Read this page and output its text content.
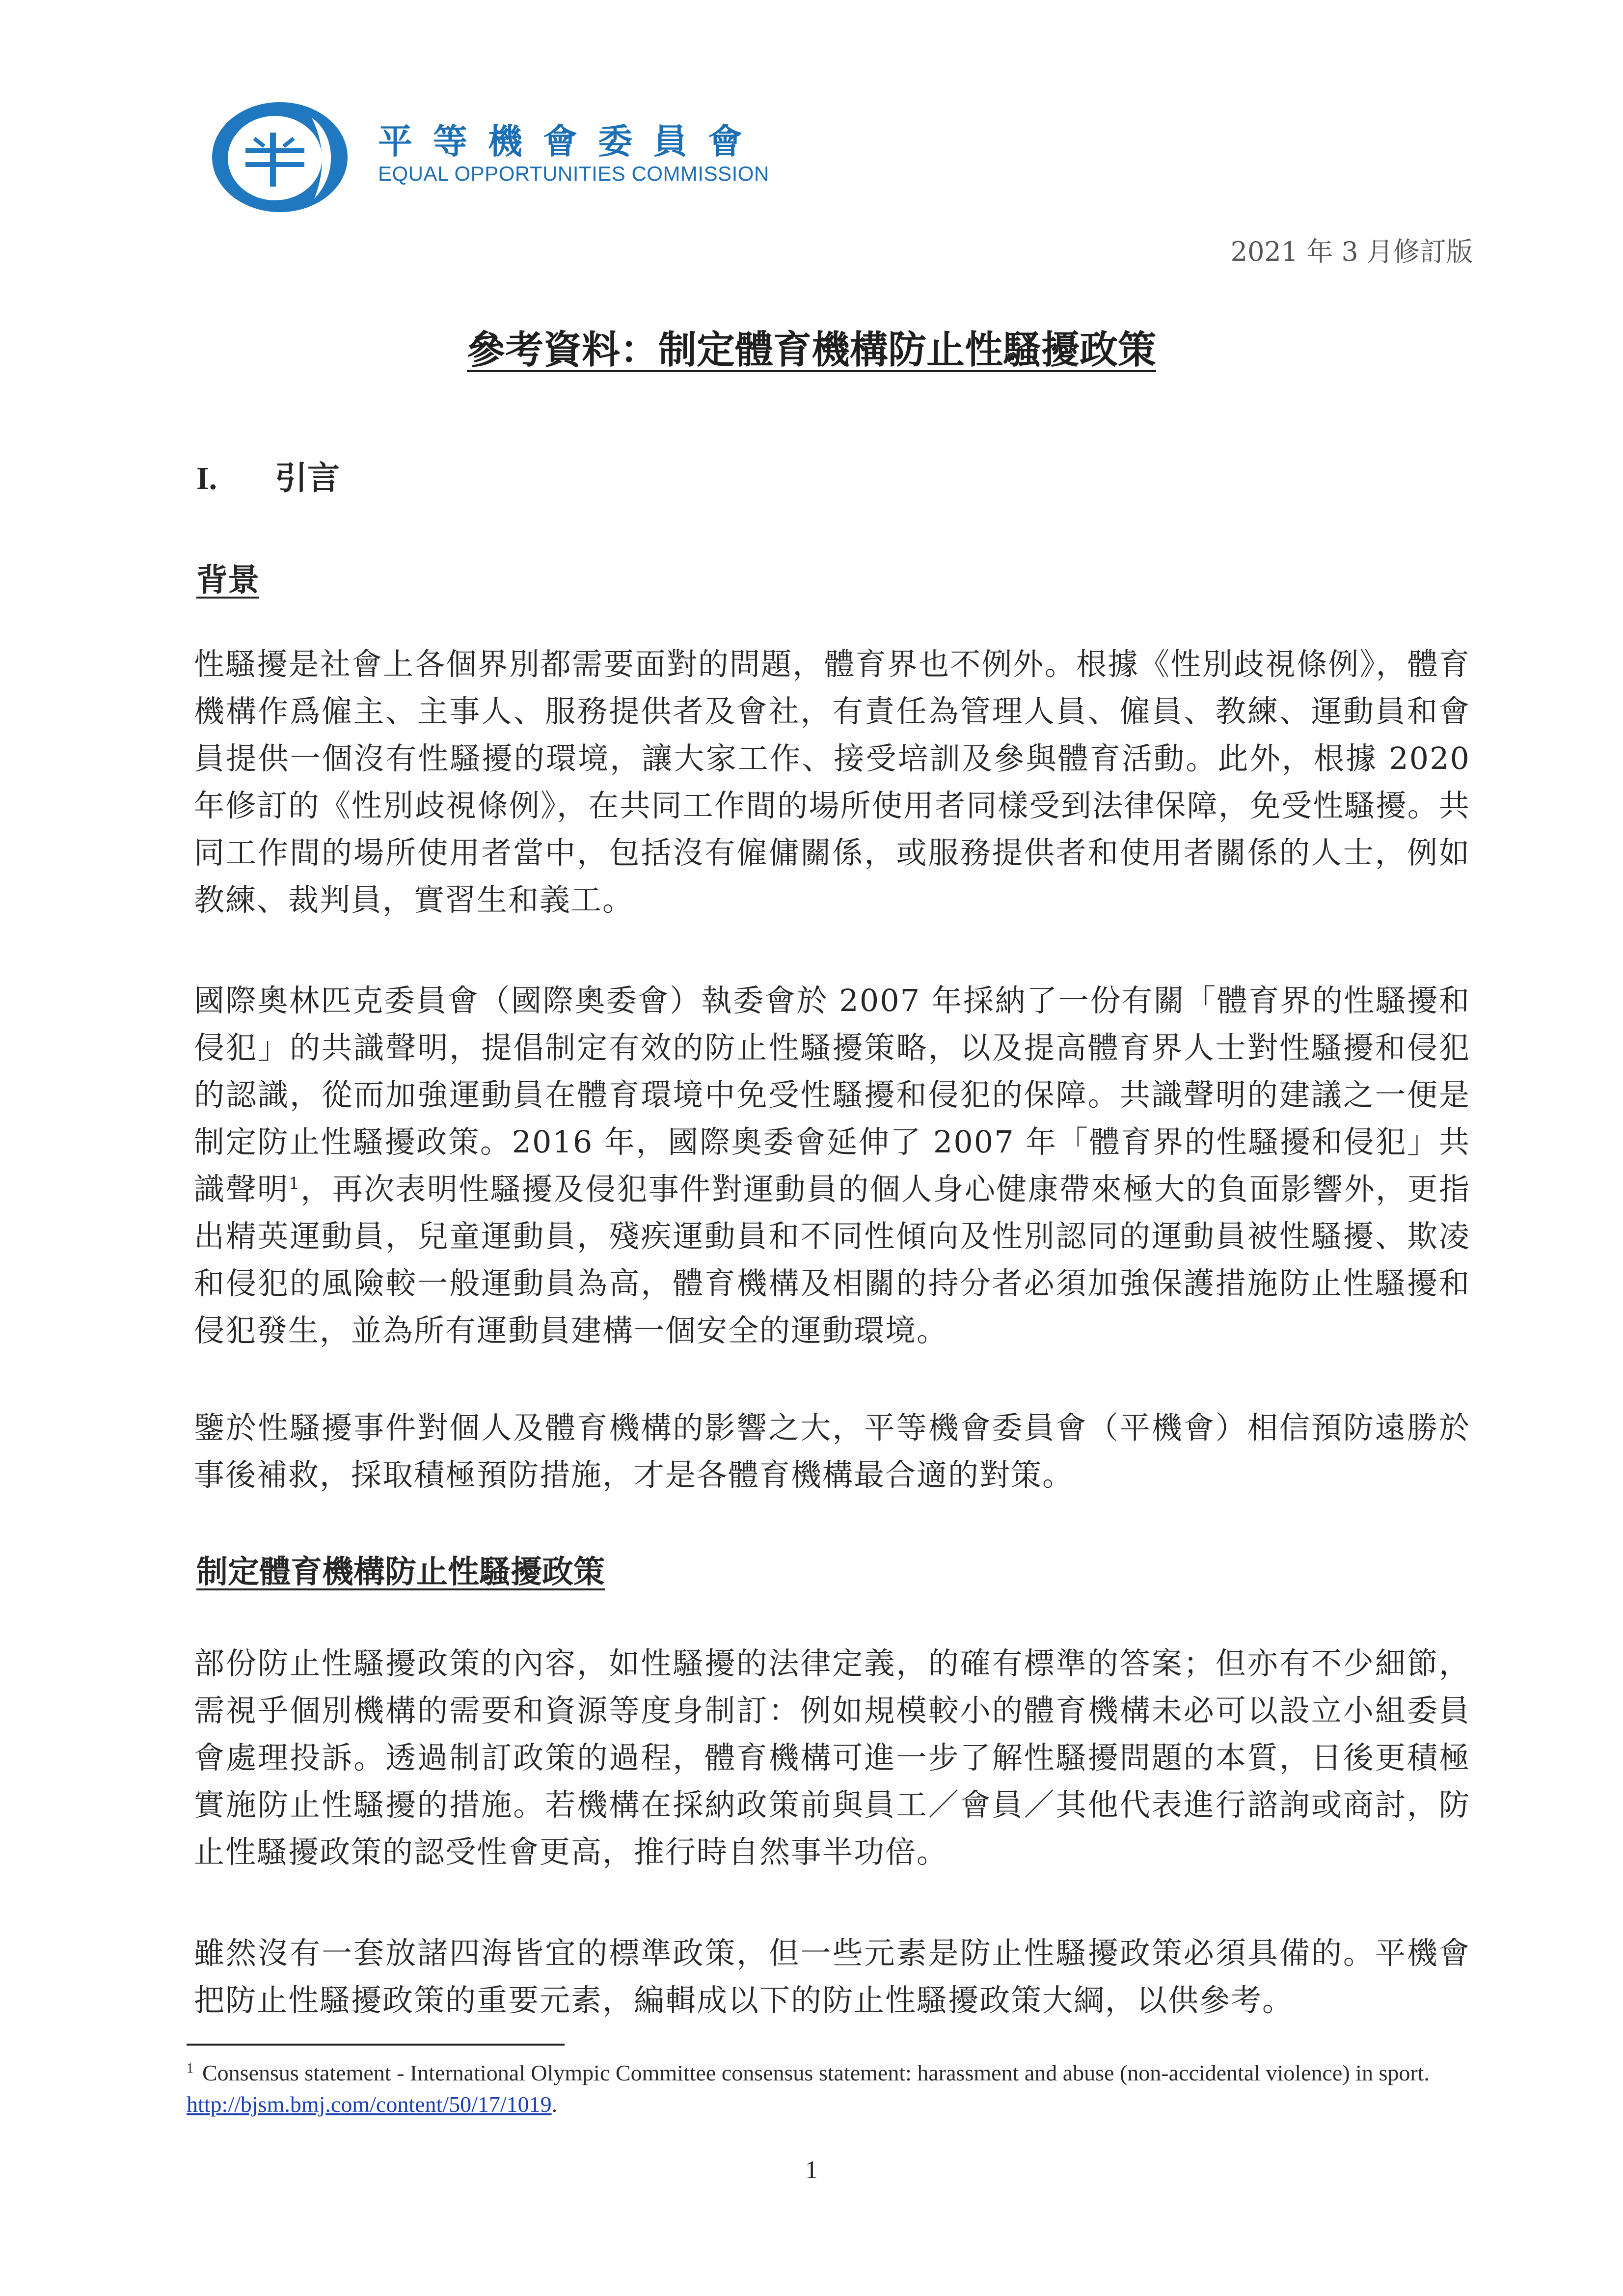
平等機會委員會
EQUAL OPPORTUNITIES COMMISSION
2021 年 3 月修訂版
參考資料：制定體育機構防止性騷擾政策
I. 引言
背景

性騷擾是社會上各個界別都需要面對的問題，體育界也不例外。根據《性別歧視條例》，體育機構作爲僱主、主事人、服務提供者及會社，有責任為管理人員、僱員、教練、運動員和會員提供一個沒有性騷擾的環境，讓大家工作、接受培訓及參與體育活動。此外，根據 2020 年修訂的《性別歧視條例》，在共同工作間的場所使用者同樣受到法律保障，免受性騷擾。共同工作間的場所使用者當中，包括沒有僱傭關係，或服務提供者和使用者關係的人士，例如教練、裁判員，實習生和義工。

國際奧林匹克委員會（國際奧委會）執委會於 2007 年採納了一份有關「體育界的性騷擾和侵犯」的共識聲明，提倡制定有效的防止性騷擾策略，以及提高體育界人士對性騷擾和侵犯的認識，從而加強運動員在體育環境中免受性騷擾和侵犯的保障。共識聲明的建議之一便是制定防止性騷擾政策。2016 年，國際奧委會延伸了 2007 年「體育界的性騷擾和侵犯」共識聲明$^1$，再次表明性騷擾及侵犯事件對運動員的個人身心健康帶來極大的負面影響外，更指出精英運動員，兒童運動員，殘疾運動員和不同性傾向及性別認同的運動員被性騷擾、欺凌和侵犯的風險較一般運動員為高，體育機構及相關的持分者必須加強保護措施防止性騷擾和侵犯發生，並為所有運動員建構一個安全的運動環境。

鑒於性騷擾事件對個人及體育機構的影響之大，平等機會委員會（平機會）相信預防遠勝於事後補救，採取積極預防措施，才是各體育機構最合適的對策。

制定體育機構防止性騷擾政策

部份防止性騷擾政策的內容，如性騷擾的法律定義，的確有標準的答案；但亦有不少細節，需視乎個別機構的需要和資源等度身制訂：例如規模較小的體育機構未必可以設立小組委員會處理投訴。透過制訂政策的過程，體育機構可進一步了解性騷擾問題的本質，日後更積極實施防止性騷擾的措施。若機構在採納政策前與員工／會員／其他代表進行諮詢或商討，防止性騷擾政策的認受性會更高，推行時自然事半功倍。

雖然沒有一套放諸四海皆宜的標準政策，但一些元素是防止性騷擾政策必須具備的。平機會把防止性騷擾政策的重要元素，編輯成以下的防止性騷擾政策大綱，以供參考。

$^1$ Consensus statement - International Olympic Committee consensus statement: harassment and abuse (non-accidental violence) in sport. http://bjsm.bmj.com/content/50/17/1019.
1
